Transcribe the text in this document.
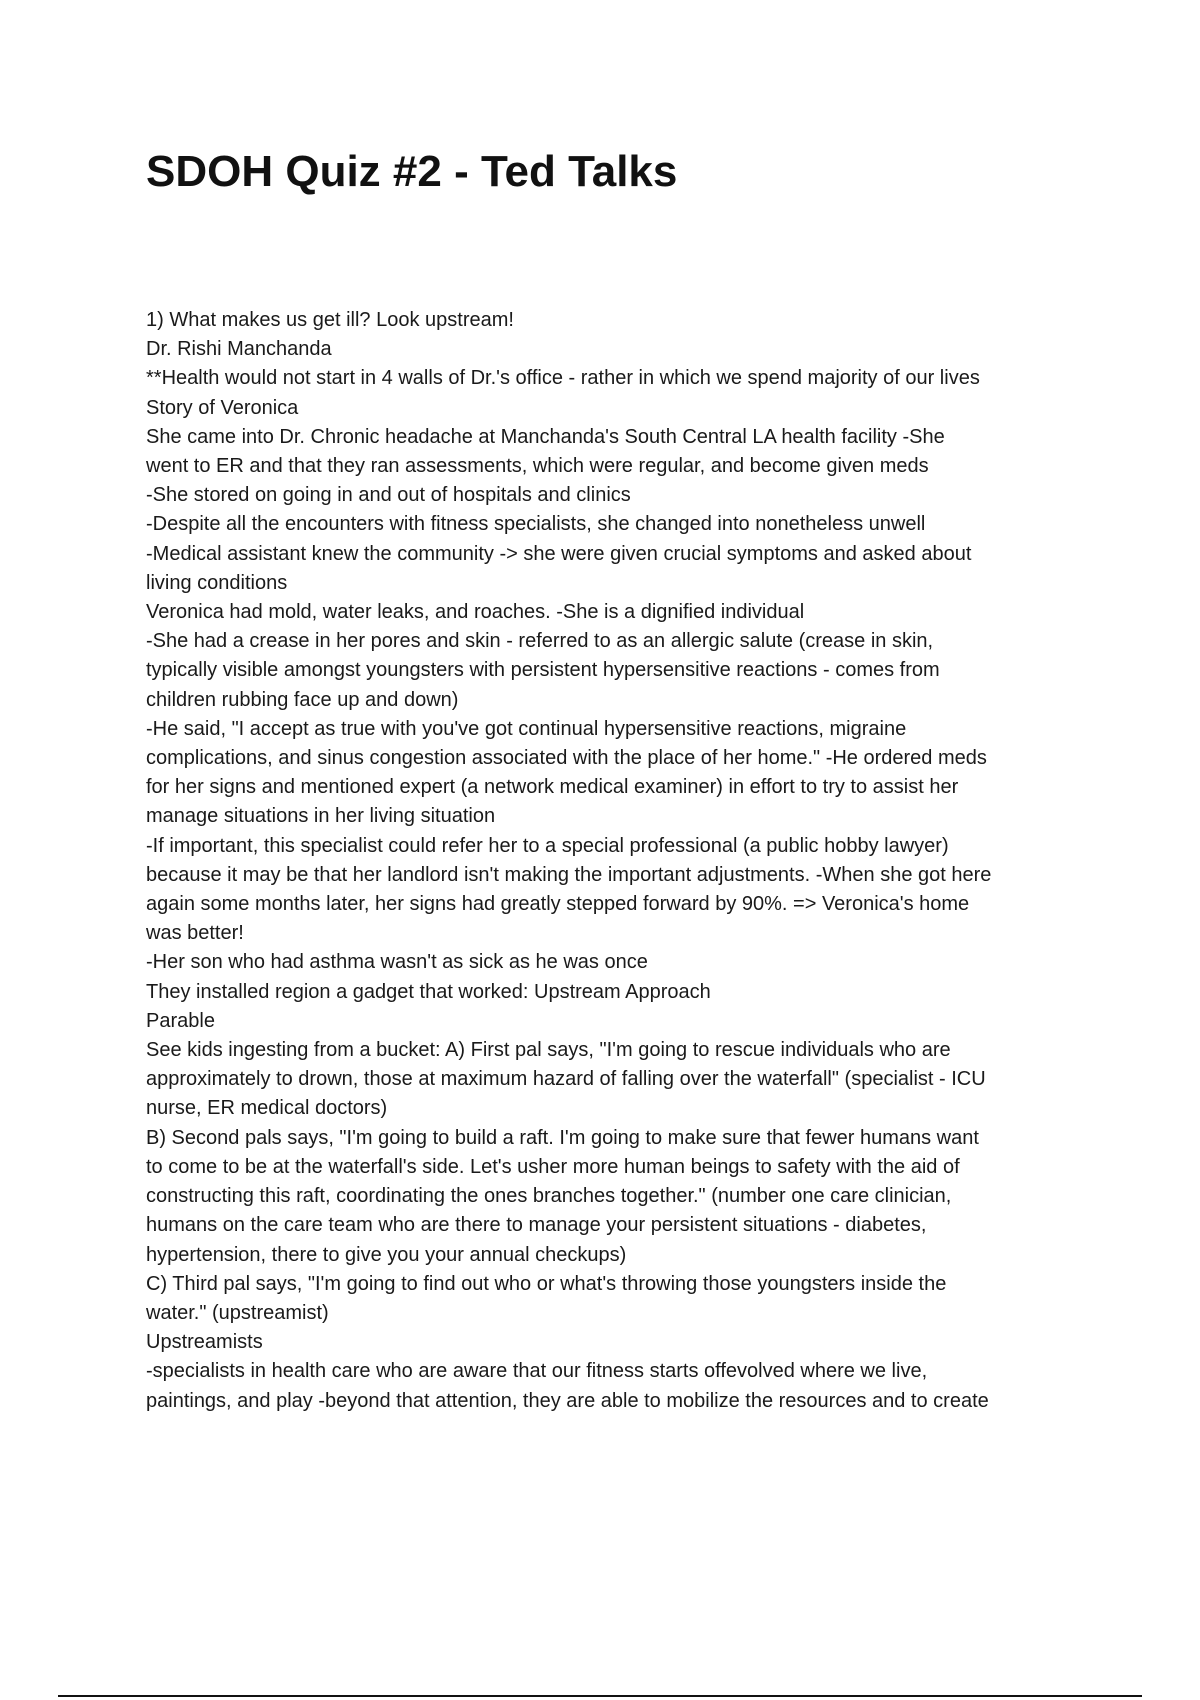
SDOH Quiz #2 - Ted Talks
1) What makes us get ill? Look upstream!
Dr. Rishi Manchanda
**Health would not start in 4 walls of Dr.'s office - rather in which we spend majority of our lives
Story of Veronica
She came into Dr. Chronic headache at Manchanda's South Central LA health facility -She
went to ER and that they ran assessments, which were regular, and become given meds
-She stored on going in and out of hospitals and clinics
-Despite all the encounters with fitness specialists, she changed into nonetheless unwell
-Medical assistant knew the community -> she were given crucial symptoms and asked about
living conditions
Veronica had mold, water leaks, and roaches. -She is a dignified individual
-She had a crease in her pores and skin - referred to as an allergic salute (crease in skin,
typically visible amongst youngsters with persistent hypersensitive reactions - comes from
children rubbing face up and down)
-He said, "I accept as true with you've got continual hypersensitive reactions, migraine
complications, and sinus congestion associated with the place of her home." -He ordered meds
for her signs and mentioned expert (a network medical examiner) in effort to try to assist her
manage situations in her living situation
-If important, this specialist could refer her to a special professional (a public hobby lawyer)
because it may be that her landlord isn't making the important adjustments. -When she got here
again some months later, her signs had greatly stepped forward by 90%. => Veronica's home
was better!
-Her son who had asthma wasn't as sick as he was once
They installed region a gadget that worked: Upstream Approach
Parable
See kids ingesting from a bucket: A) First pal says, "I'm going to rescue individuals who are
approximately to drown, those at maximum hazard of falling over the waterfall" (specialist - ICU
nurse, ER medical doctors)
B) Second pals says, "I'm going to build a raft. I'm going to make sure that fewer humans want
to come to be at the waterfall's side. Let's usher more human beings to safety with the aid of
constructing this raft, coordinating the ones branches together." (number one care clinician,
humans on the care team who are there to manage your persistent situations - diabetes,
hypertension, there to give you your annual checkups)
C) Third pal says, "I'm going to find out who or what's throwing those youngsters inside the
water." (upstreamist)
Upstreamists
-specialists in health care who are aware that our fitness starts offevolved where we live,
paintings, and play -beyond that attention, they are able to mobilize the resources and to create
